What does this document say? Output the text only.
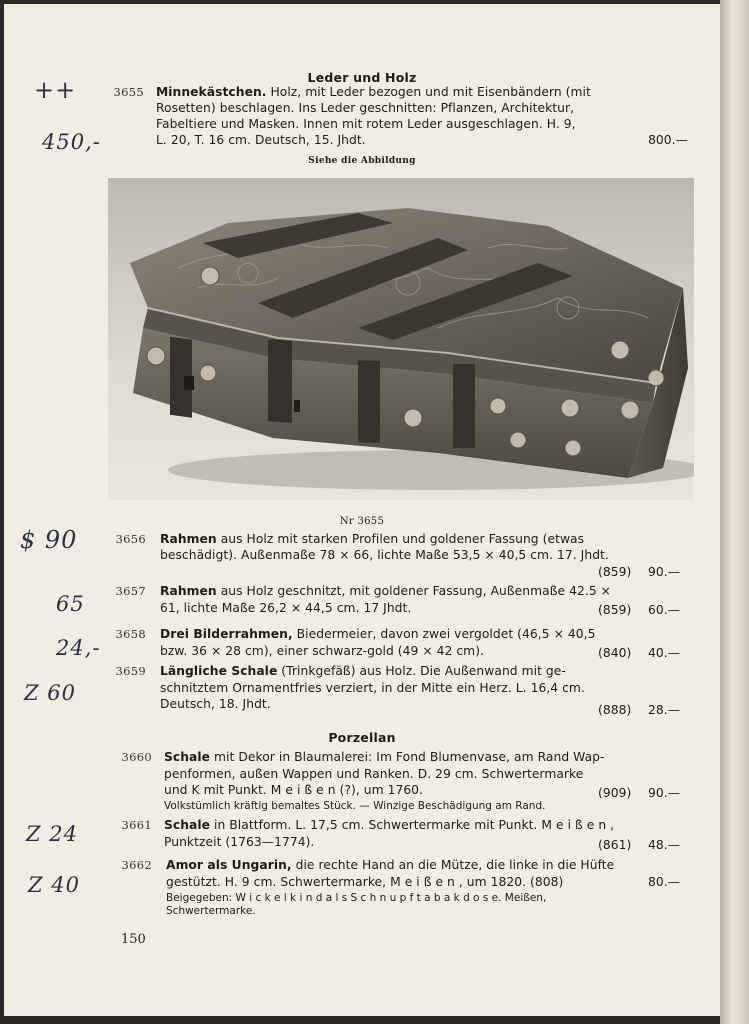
Leder und Holz
++
450,-
3655 Minnekästchen. Holz, mit Leder bezogen und mit Eisenbändern (mit
Rosetten) beschlagen. Ins Leder geschnitten: Pflanzen, Architektur,
Fabeltiere und Masken. Innen mit rotem Leder ausgeschlagen. H. 9,
L. 20, T. 16 cm. Deutsch, 15. Jhdt.	800.—
Siehe die Abbildung
Nr 3655
$ 90
65
24,-
Z 60
Z 24
Z 40
3656 Rahmen aus Holz mit starken Profilen und goldener Fassung (etwas
beschädigt). Außenmaße 78 × 66, lichte Maße 53,5 × 40,5 cm. 17. Jhdt.
(859) 90.—
3657 Rahmen aus Holz geschnitzt, mit goldener Fassung, Außenmaße 42.5 ×
61, lichte Maße 26,2 × 44,5 cm. 17 Jhdt.	(859) 60.—
3658 Drei Bilderrahmen, Biedermeier, davon zwei vergoldet (46,5 × 40,5
bzw. 36 × 28 cm), einer schwarz-gold (49 × 42 cm).	(840) 40.—
3659 Längliche Schale (Trinkgefäß) aus Holz. Die Außenwand mit ge-
schnitztem Ornamentfries verziert, in der Mitte ein Herz. L. 16,4 cm.
Deutsch, 18. Jhdt.	(888) 28.—
Porzellan
3660 Schale mit Dekor in Blaumalerei: Im Fond Blumenvase, am Rand Wap-
penformen, außen Wappen und Ranken. D. 29 cm. Schwertermarke
und K mit Punkt. M e i ß e n (?), um 1760.	(909) 90.—
Volkstümlich kräftig bemaltes Stück. — Winzige Beschädigung am Rand.
3661 Schale in Blattform. L. 17,5 cm. Schwertermarke mit Punkt. M e i ß e n ,
Punktzeit (1763—1774).	(861) 48.—
3662 Amor als Ungarin, die rechte Hand an die Mütze, die linke in die Hüfte
gestützt. H. 9 cm. Schwertermarke, M e i ß e n , um 1820. (808)	80.—
Beigegeben: W i c k e l k i n d a l s S c h n u p f t a b a k d o s e. Meißen,
Schwertermarke.
150
